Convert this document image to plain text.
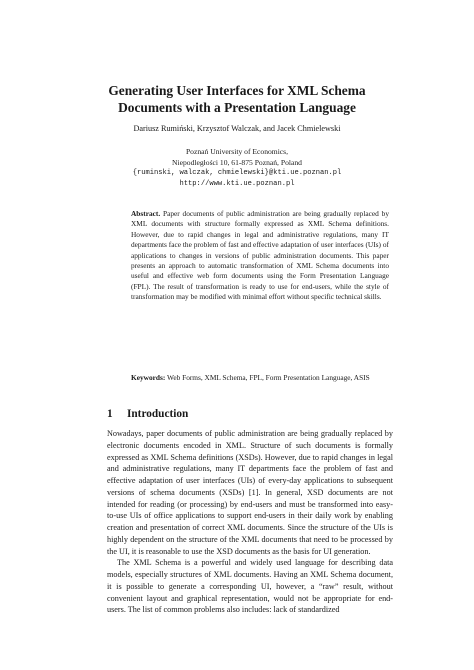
Generating User Interfaces for XML Schema
Documents with a Presentation Language
Dariusz Rumiński, Krzysztof Walczak, and Jacek Chmielewski
Poznań University of Economics,
Niepodległości 10, 61-875 Poznań, Poland
{ruminski, walczak, chmielewski}@kti.ue.poznan.pl
http://www.kti.ue.poznan.pl

Abstract. Paper documents of public administration are being gradually replaced by XML documents with structure formally expressed as XML Schema definitions. However, due to rapid changes in legal and administrative regulations, many IT departments face the problem of fast and effective adaptation of user interfaces (UIs) of applications to changes in versions of public administration documents. This paper presents an approach to automatic transformation of XML Schema documents into useful and effective web form documents using the Form Presentation Language (FPL). The result of transformation is ready to use for end-users, while the style of transformation may be modified with minimal effort without specific technical skills.

Keywords: Web Forms, XML Schema, FPL, Form Presentation Language, ASIS
1 Introduction

Nowadays, paper documents of public administration are being gradually replaced by electronic documents encoded in XML. Structure of such documents is formally expressed as XML Schema definitions (XSDs). However, due to rapid changes in legal and administrative regulations, many IT departments face the problem of fast and effective adaptation of user interfaces (UIs) of every-day applications to subsequent versions of schema documents (XSDs) [1]. In general, XSD documents are not intended for reading (or processing) by end-users and must be transformed into easy-to-use UIs of office applications to support end-users in their daily work by enabling creation and presentation of correct XML documents. Since the structure of the UIs is highly dependent on the structure of the XML documents that need to be processed by the UI, it is reasonable to use the XSD documents as the basis for UI generation.

The XML Schema is a powerful and widely used language for describing data models, especially structures of XML documents. Having an XML Schema document, it is possible to generate a corresponding UI, however, a “raw” result, without convenient layout and graphical representation, would not be appropriate for end-users. The list of common problems also includes: lack of standardized
